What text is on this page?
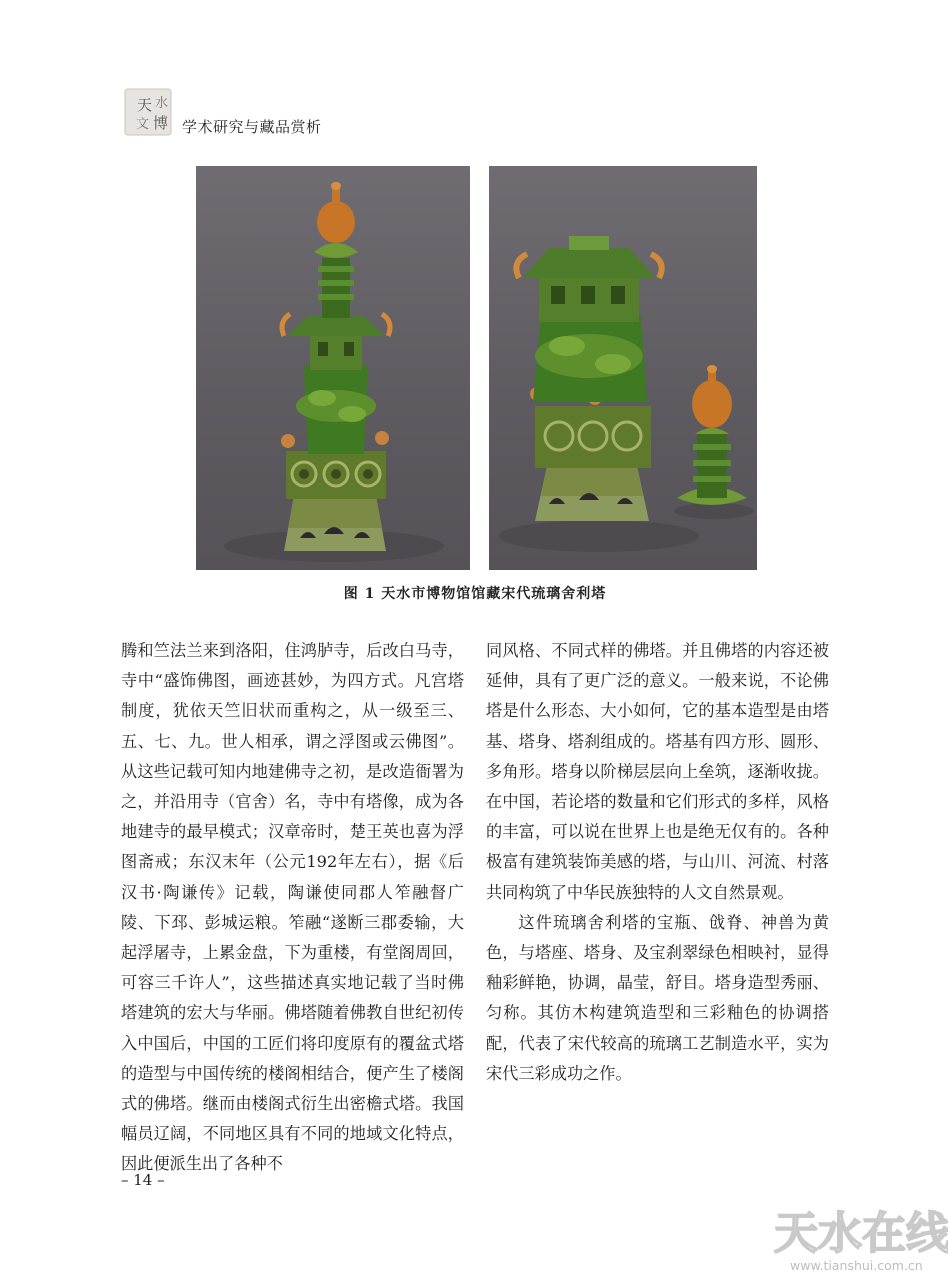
天 水
文 博 学术研究与藏品赏析
图 1 天水市博物馆馆藏宋代琉璃舍利塔

腾和竺法兰来到洛阳，住鸿胪寺，后改白马寺，寺中“盛饰佛图，画迹甚妙，为四方式。凡宫塔制度，犹依天竺旧状而重构之，从一级至三、五、七、九。世人相承，谓之浮图或云佛图”。从这些记载可知内地建佛寺之初，是改造衙署为之，并沿用寺（官舍）名，寺中有塔像，成为各地建寺的最早模式；汉章帝时，楚王英也喜为浮图斋戒；东汉末年（公元192年左右），据《后汉书·陶谦传》记载，陶谦使同郡人笮融督广陵、下邳、彭城运粮。笮融“遂断三郡委输，大起浮屠寺，上累金盘，下为重楼，有堂阁周回，可容三千许人”，这些描述真实地记载了当时佛塔建筑的宏大与华丽。佛塔随着佛教自世纪初传入中国后，中国的工匠们将印度原有的覆盆式塔的造型与中国传统的楼阁相结合，便产生了楼阁式的佛塔。继而由楼阁式衍生出密檐式塔。我国幅员辽阔，不同地区具有不同的地域文化特点，因此便派生出了各种不

同风格、不同式样的佛塔。并且佛塔的内容还被延伸，具有了更广泛的意义。一般来说，不论佛塔是什么形态、大小如何，它的基本造型是由塔基、塔身、塔刹组成的。塔基有四方形、圆形、多角形。塔身以阶梯层层向上垒筑，逐渐收拢。在中国，若论塔的数量和它们形式的多样，风格的丰富，可以说在世界上也是绝无仅有的。各种极富有建筑装饰美感的塔，与山川、河流、村落共同构筑了中华民族独特的人文自然景观。

这件琉璃舍利塔的宝瓶、戗脊、神兽为黄色，与塔座、塔身、及宝刹翠绿色相映衬，显得釉彩鲜艳，协调，晶莹，舒目。塔身造型秀丽、匀称。其仿木构建筑造型和三彩釉色的协调搭配，代表了宋代较高的琉璃工艺制造水平，实为宋代三彩成功之作。

– 14 –
天水在线
www.tianshui.com.cn
